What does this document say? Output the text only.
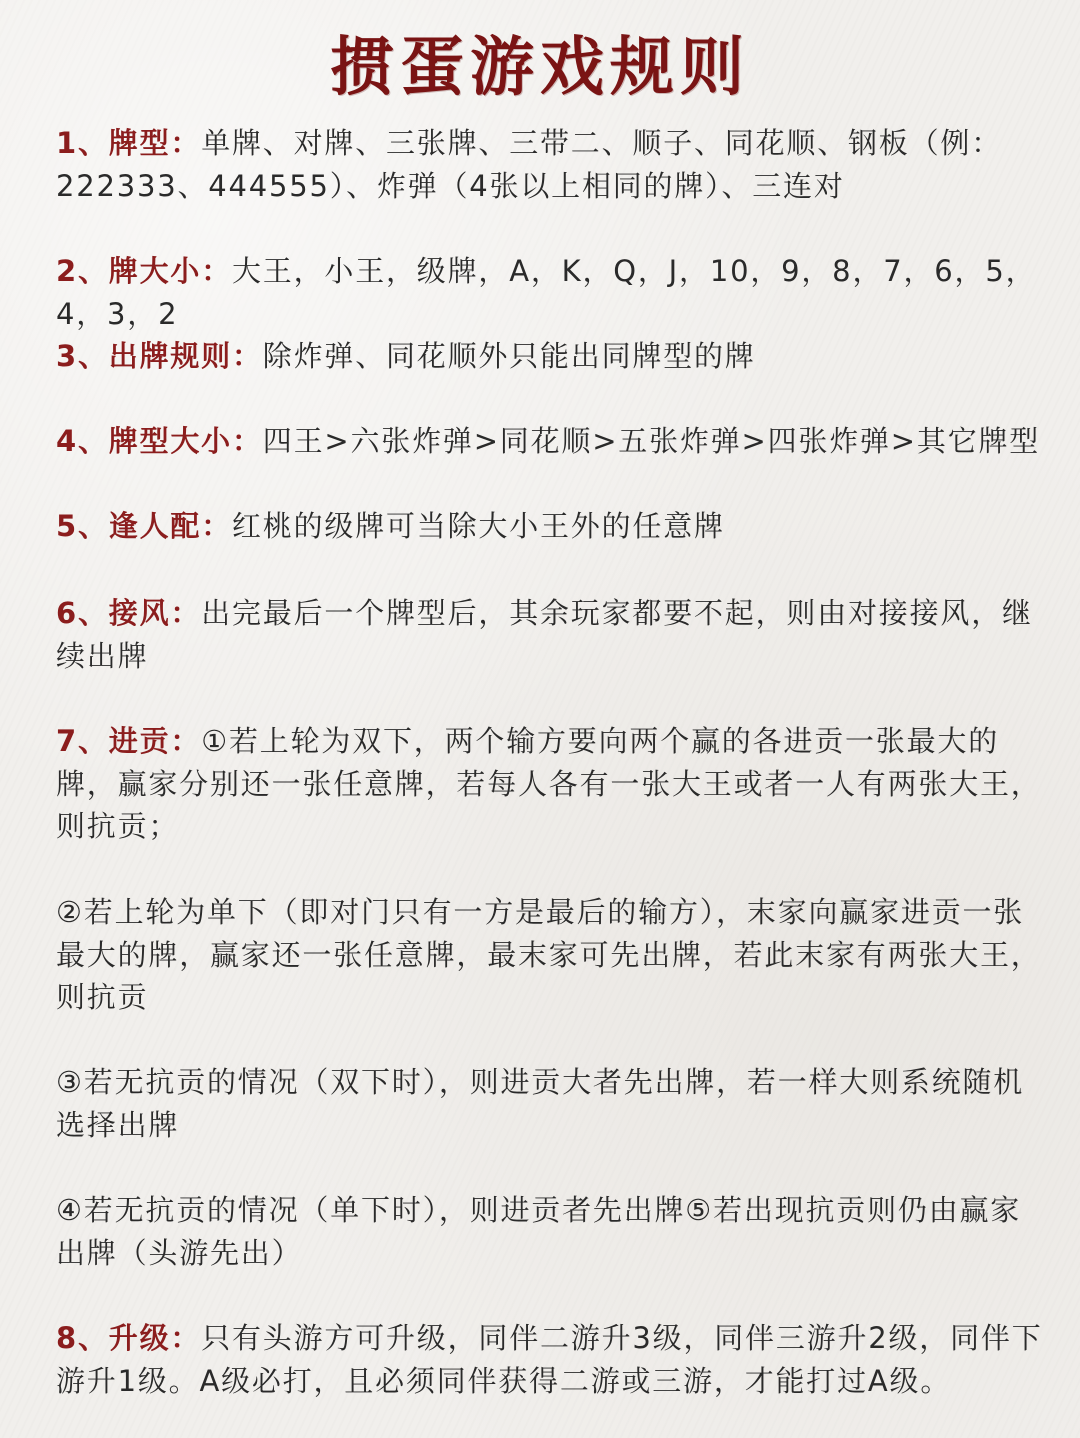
掼蛋游戏规则
1、牌型：单牌、对牌、三张牌、三带二、顺子、同花顺、钢板（例：222333、444555）、炸弹（4张以上相同的牌）、三连对
2、牌大小：大王，小王，级牌，A，K，Q，J，10，9，8，7，6，5，4，3，2
3、出牌规则：除炸弹、同花顺外只能出同牌型的牌
4、牌型大小：四王>六张炸弹>同花顺>五张炸弹>四张炸弹>其它牌型
5、逢人配：红桃的级牌可当除大小王外的任意牌
6、接风：出完最后一个牌型后，其余玩家都要不起，则由对接接风，继续出牌
7、进贡：①若上轮为双下，两个输方要向两个赢的各进贡一张最大的牌，赢家分别还一张任意牌，若每人各有一张大王或者一人有两张大王，则抗贡；
②若上轮为单下（即对门只有一方是最后的输方），末家向赢家进贡一张最大的牌，赢家还一张任意牌，最末家可先出牌，若此末家有两张大王，则抗贡
③若无抗贡的情况（双下时），则进贡大者先出牌，若一样大则系统随机选择出牌
④若无抗贡的情况（单下时），则进贡者先出牌⑤若出现抗贡则仍由赢家出牌（头游先出）
8、升级：只有头游方可升级，同伴二游升3级，同伴三游升2级，同伴下游升1级。A级必打，且必须同伴获得二游或三游，才能打过A级。
